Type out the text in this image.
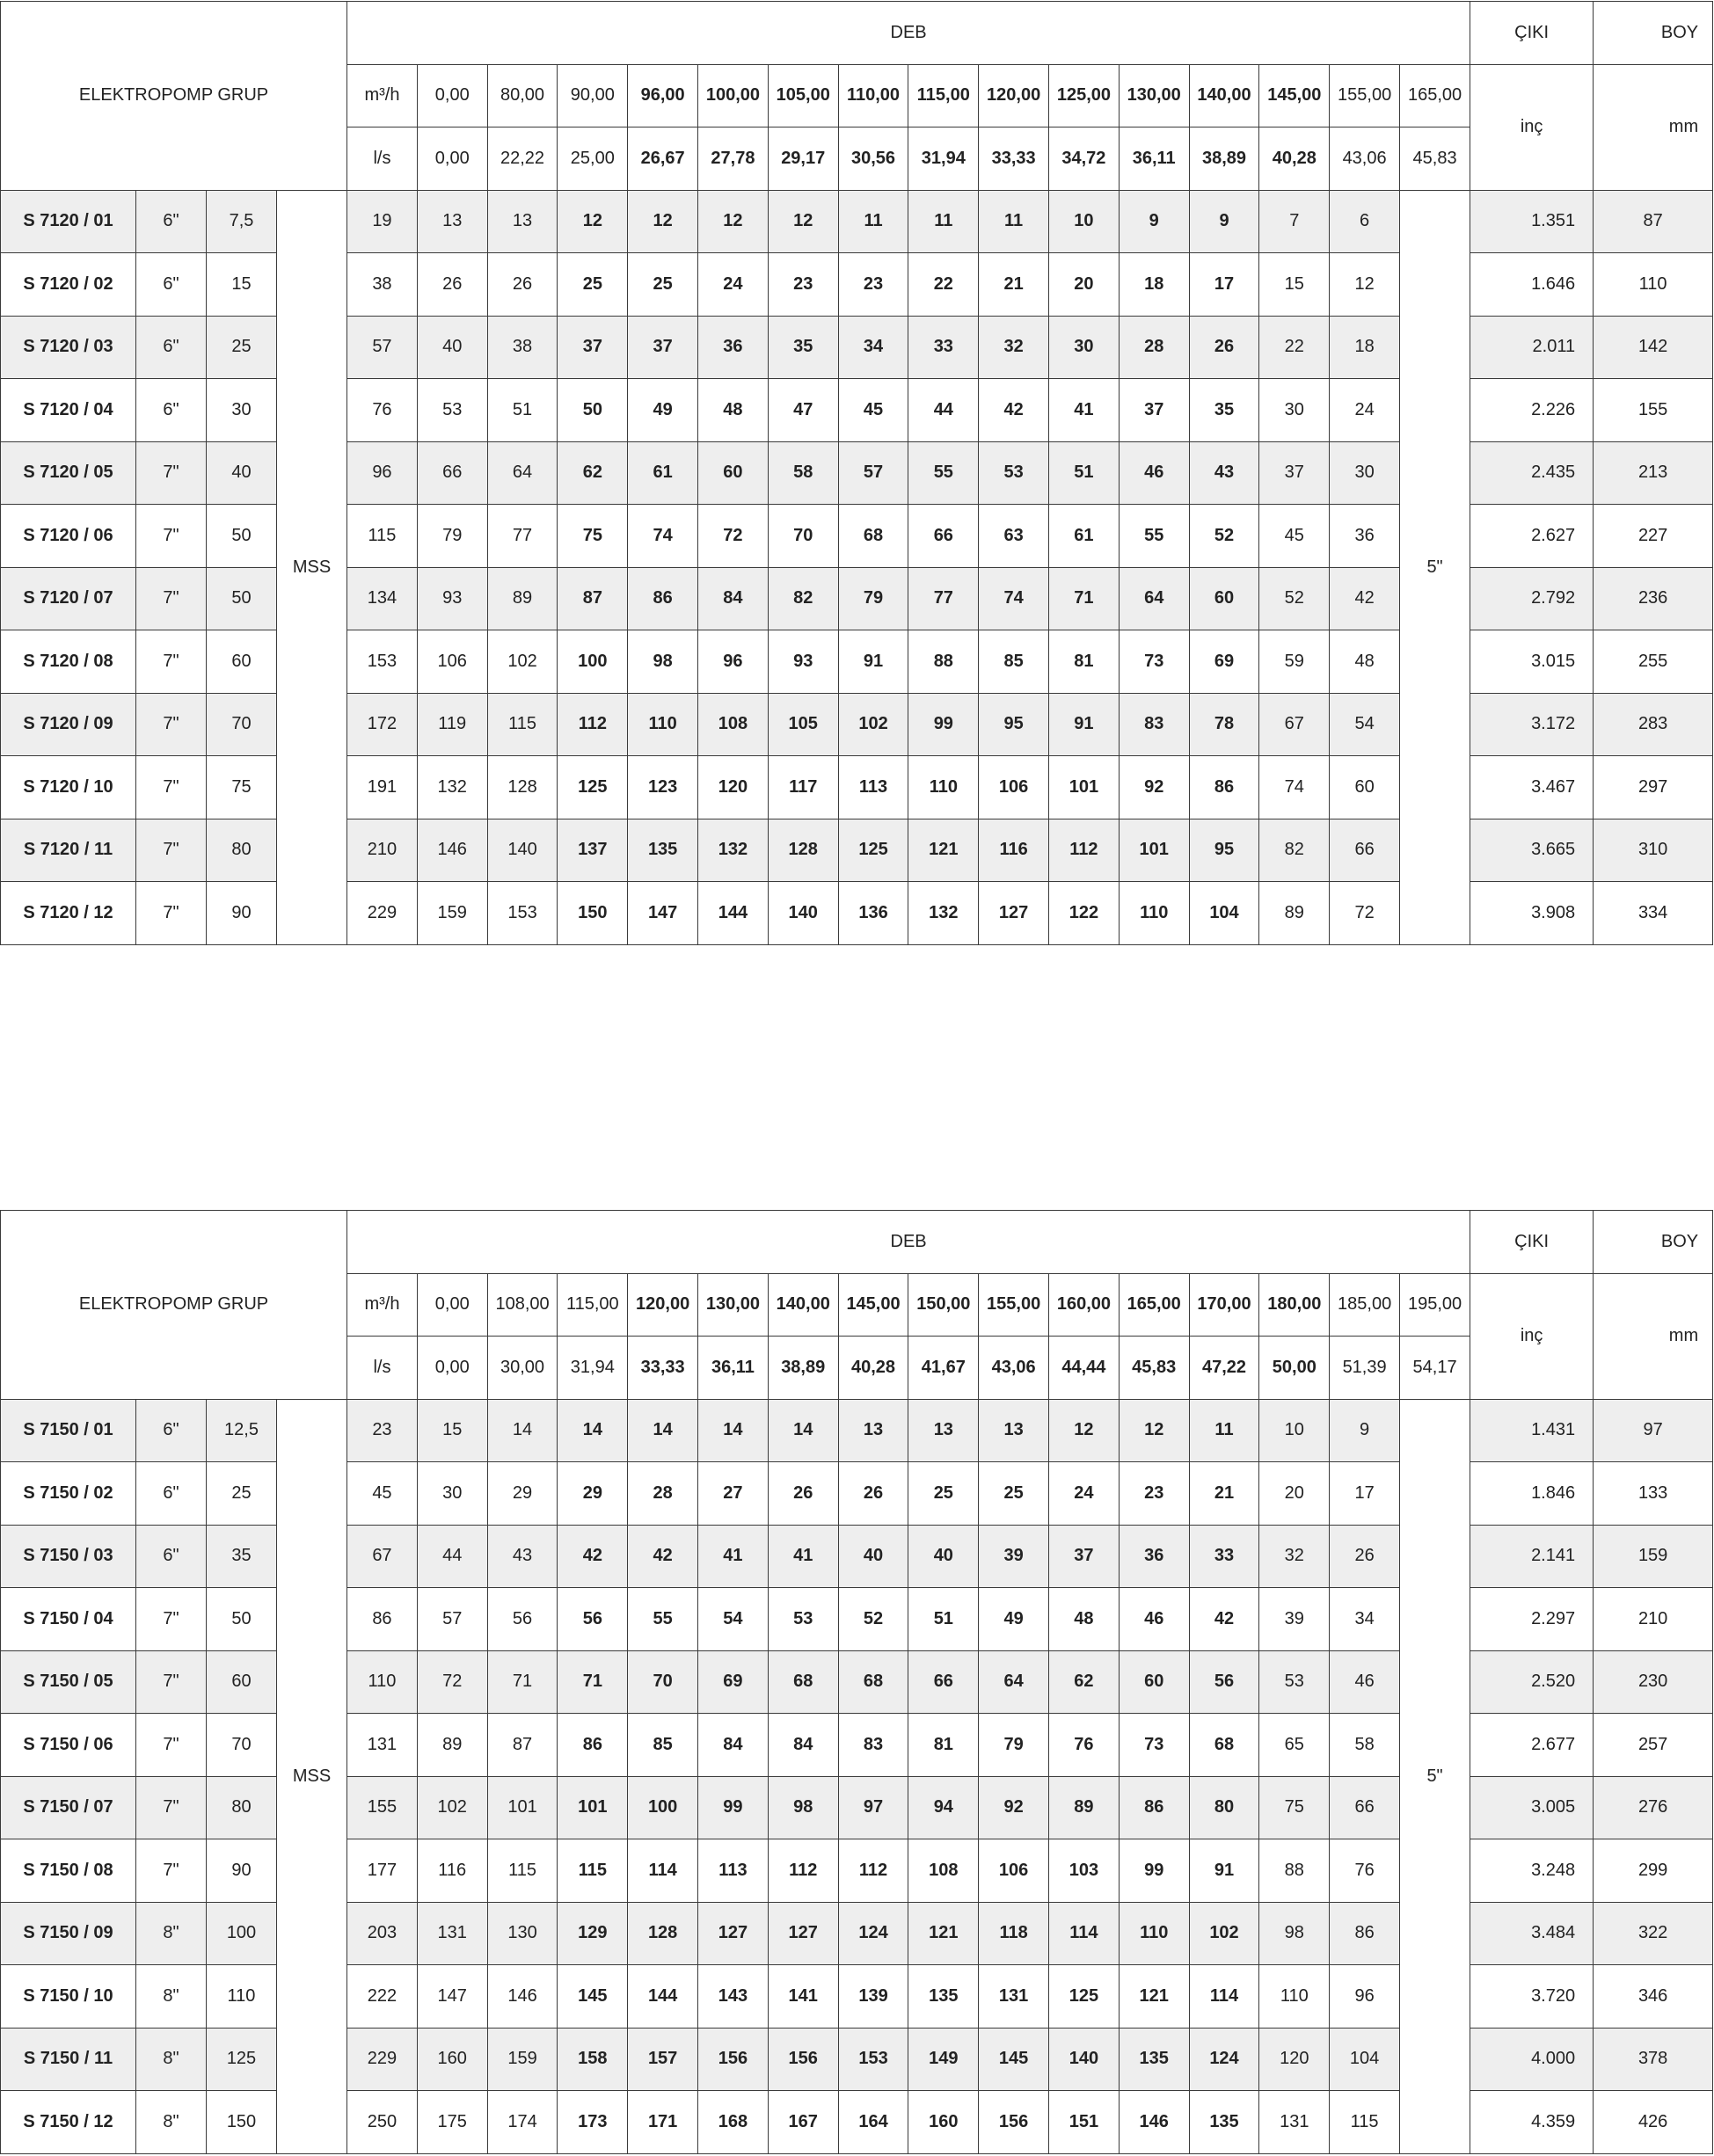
ELEKTROPOMP GRUP				DEB																ÇIKI	BOY	
				m³/h	0,00	80,00	90,00	96,00	100,00	105,00	110,00	115,00	120,00	125,00	130,00	140,00	145,00	155,00	165,00	inç	mm	
				l/s	0,00	22,22	25,00	26,67	27,78	29,17	30,56	31,94	33,33	34,72	36,11	38,89	40,28	43,06	45,83			
S 7120 / 01	6"	7,5	MSS	19	13	13	12	12	12	12	11	11	11	10	9	9	7	6	5"	1.351	87	
S 7120 / 02	6"	15		38	26	26	25	25	24	23	23	22	21	20	18	17	15	12		1.646	110	
S 7120 / 03	6"	25		57	40	38	37	37	36	35	34	33	32	30	28	26	22	18		2.011	142	
S 7120 / 04	6"	30		76	53	51	50	49	48	47	45	44	42	41	37	35	30	24		2.226	155	
S 7120 / 05	7"	40		96	66	64	62	61	60	58	57	55	53	51	46	43	37	30		2.435	213	
S 7120 / 06	7"	50		115	79	77	75	74	72	70	68	66	63	61	55	52	45	36		2.627	227	
S 7120 / 07	7"	50		134	93	89	87	86	84	82	79	77	74	71	64	60	52	42		2.792	236	
S 7120 / 08	7"	60		153	106	102	100	98	96	93	91	88	85	81	73	69	59	48		3.015	255	
S 7120 / 09	7"	70		172	119	115	112	110	108	105	102	99	95	91	83	78	67	54		3.172	283	
S 7120 / 10	7"	75		191	132	128	125	123	120	117	113	110	106	101	92	86	74	60		3.467	297	
S 7120 / 11	7"	80		210	146	140	137	135	132	128	125	121	116	112	101	95	82	66		3.665	310	
S 7120 / 12	7"	90		229	159	153	150	147	144	140	136	132	127	122	110	104	89	72		3.908	334	
ELEKTROPOMP GRUP				DEB																ÇIKI	BOY	
				m³/h	0,00	108,00	115,00	120,00	130,00	140,00	145,00	150,00	155,00	160,00	165,00	170,00	180,00	185,00	195,00	inç	mm	
				l/s	0,00	30,00	31,94	33,33	36,11	38,89	40,28	41,67	43,06	44,44	45,83	47,22	50,00	51,39	54,17			
S 7150 / 01	6"	12,5	MSS	23	15	14	14	14	14	14	13	13	13	12	12	11	10	9	5"	1.431	97	
S 7150 / 02	6"	25		45	30	29	29	28	27	26	26	25	25	24	23	21	20	17		1.846	133	
S 7150 / 03	6"	35		67	44	43	42	42	41	41	40	40	39	37	36	33	32	26		2.141	159	
S 7150 / 04	7"	50		86	57	56	56	55	54	53	52	51	49	48	46	42	39	34		2.297	210	
S 7150 / 05	7"	60		110	72	71	71	70	69	68	68	66	64	62	60	56	53	46		2.520	230	
S 7150 / 06	7"	70		131	89	87	86	85	84	84	83	81	79	76	73	68	65	58		2.677	257	
S 7150 / 07	7"	80		155	102	101	101	100	99	98	97	94	92	89	86	80	75	66		3.005	276	
S 7150 / 08	7"	90		177	116	115	115	114	113	112	112	108	106	103	99	91	88	76		3.248	299	
S 7150 / 09	8"	100		203	131	130	129	128	127	127	124	121	118	114	110	102	98	86		3.484	322	
S 7150 / 10	8"	110		222	147	146	145	144	143	141	139	135	131	125	121	114	110	96		3.720	346	
S 7150 / 11	8"	125		229	160	159	158	157	156	156	153	149	145	140	135	124	120	104		4.000	378	
S 7150 / 12	8"	150		250	175	174	173	171	168	167	164	160	156	151	146	135	131	115		4.359	426	
